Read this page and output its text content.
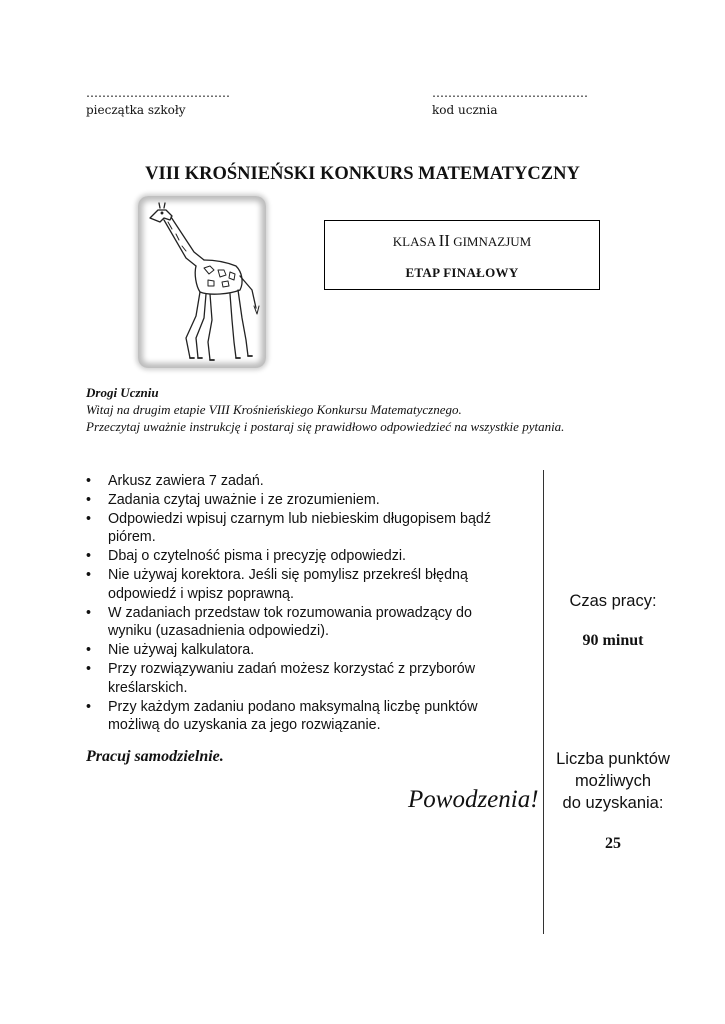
………………………………
pieczątka szkoły
…………………………………
kod ucznia
VIII KROŚNIEŃSKI KONKURS MATEMATYCZNY
KLASA II GIMNAZJUM
ETAP FINAŁOWY
Drogi Uczniu
Witaj na drugim etapie VIII Krośnieńskiego Konkursu Matematycznego.
Przeczytaj uważnie instrukcję i postaraj się prawidłowo odpowiedzieć na wszystkie pytania.
• Arkusz zawiera 7 zadań.
• Zadania czytaj uważnie i ze zrozumieniem.
• Odpowiedzi wpisuj czarnym lub niebieskim długopisem bądź
piórem.
• Dbaj o czytelność pisma i precyzję odpowiedzi.
• Nie używaj korektora. Jeśli się pomylisz przekreśl błędną
odpowiedź i wpisz poprawną.
• W zadaniach przedstaw tok rozumowania prowadzący do
wyniku (uzasadnienia odpowiedzi).
• Nie używaj kalkulatora.
• Przy rozwiązywaniu zadań możesz korzystać z przyborów
kreślarskich.
• Przy każdym zadaniu podano maksymalną liczbę punktów
możliwą do uzyskania za jego rozwiązanie.
Pracuj samodzielnie.
Powodzenia!
Czas pracy:
90 minut
Liczba punktów
możliwych
do uzyskania:
25
